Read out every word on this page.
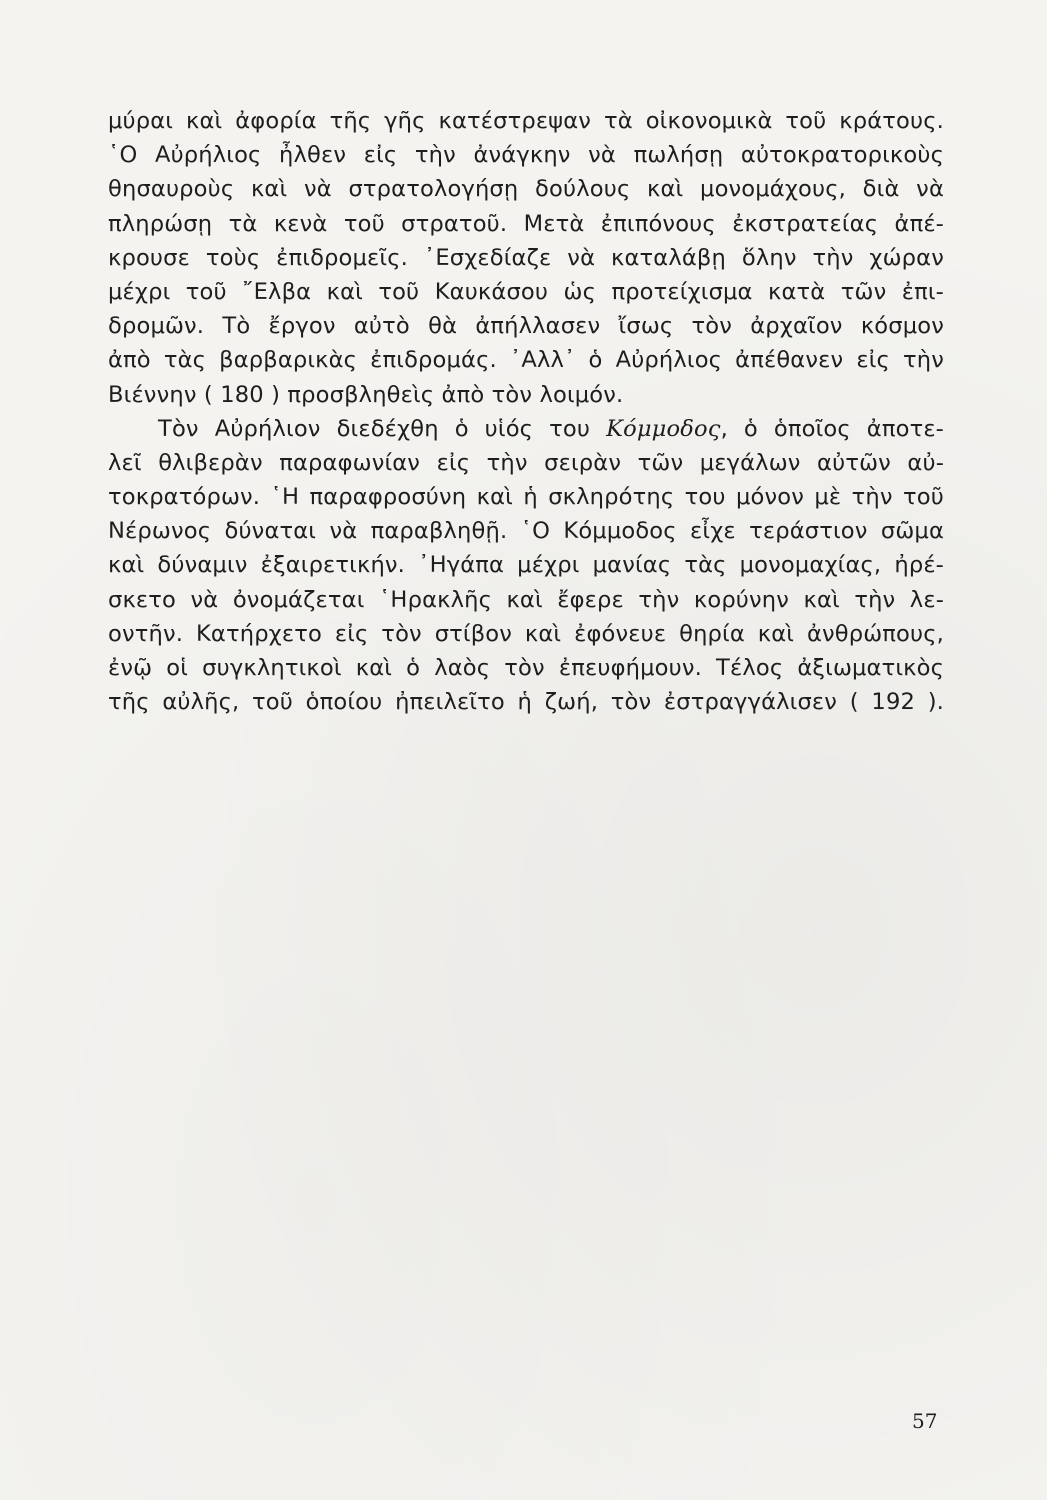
μύραι καὶ ἀφορία τῆς γῆς κατέστρεψαν τὰ οἰκονομικὰ τοῦ κράτους.
῾Ο Αὐρήλιος ἦλθεν εἰς τὴν ἀνάγκην νὰ πωλήσῃ αὐτοκρατορικοὺς
θησαυροὺς καὶ νὰ στρατολογήσῃ δούλους καὶ μονομάχους, διὰ νὰ
πληρώσῃ τὰ κενὰ τοῦ στρατοῦ. Μετὰ ἐπιπόνους ἐκστρατείας ἀπέ-
κρουσε τοὺς ἐπιδρομεῖς. ᾿Εσχεδίαζε νὰ καταλάβῃ ὅλην τὴν χώραν
μέχρι τοῦ ῎Ελβα καὶ τοῦ Καυκάσου ὡς προτείχισμα κατὰ τῶν ἐπι-
δρομῶν. Τὸ ἔργον αὐτὸ θὰ ἀπήλλασεν ἴσως τὸν ἀρχαῖον κόσμον
ἀπὸ τὰς βαρβαρικὰς ἐπιδρομάς. ᾿Αλλ᾿ ὁ Αὐρήλιος ἀπέθανεν εἰς τὴν
Βιέννην ( 180 ) προσβληθεὶς ἀπὸ τὸν λοιμόν.
Τὸν Αὐρήλιον διεδέχθη ὁ υἱός του Κόμμοδος, ὁ ὁποῖος ἀποτε-
λεῖ θλιβερὰν παραφωνίαν εἰς τὴν σειρὰν τῶν μεγάλων αὐτῶν αὐ-
τοκρατόρων. ῾Η παραφροσύνη καὶ ἡ σκληρότης του μόνον μὲ τὴν τοῦ
Νέρωνος δύναται νὰ παραβληθῇ. ῾Ο Κόμμοδος εἶχε τεράστιον σῶμα
καὶ δύναμιν ἐξαιρετικήν. ᾿Ηγάπα μέχρι μανίας τὰς μονομαχίας, ἠρέ-
σκετο νὰ ὀνομάζεται ῾Ηρακλῆς καὶ ἔφερε τὴν κορύνην καὶ τὴν λε-
οντῆν. Κατήρχετο εἰς τὸν στίβον καὶ ἐφόνευε θηρία καὶ ἀνθρώπους,
ἐνῷ οἱ συγκλητικοὶ καὶ ὁ λαὸς τὸν ἐπευφήμουν. Τέλος ἀξιωματικὸς
τῆς αὐλῆς, τοῦ ὁποίου ἠπειλεῖτο ἡ ζωή, τὸν ἐστραγγάλισεν ( 192 ).
57
